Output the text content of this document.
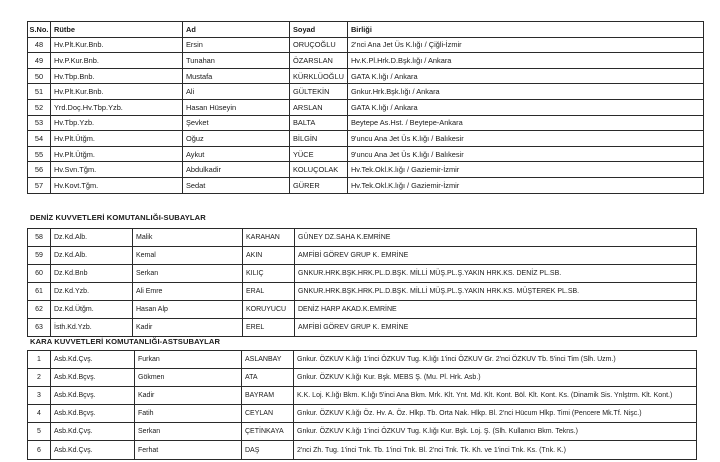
S.No.	Rütbe	Ad	Soyad	Birliği
48	Hv.Plt.Kur.Bnb.	Ersin	ORUÇOĞLU	2'nci Ana Jet Üs K.lığı / Çiğli-İzmir
49	Hv.P.Kur.Bnb.	Tunahan	ÖZARSLAN	Hv.K.Pl.Hrk.D.Bşk.lığı / Ankara
50	Hv.Tbp.Bnb.	Mustafa	KÜRKLÜOĞLU	GATA K.lığı / Ankara
51	Hv.Plt.Kur.Bnb.	Ali	GÜLTEKİN	Gnkur.Hrk.Bşk.lığı / Ankara
52	Yrd.Doç.Hv.Tbp.Yzb.	Hasan Hüseyin	ARSLAN	GATA K.lığı / Ankara
53	Hv.Tbp.Yzb.	Şevket	BALTA	Beytepe As.Hst. / Beytepe-Ankara
54	Hv.Plt.Ütğm.	Oğuz	BİLGİN	9'uncu Ana Jet Üs K.lığı / Balıkesir
55	Hv.Plt.Ütğm.	Aykut	YÜCE	9'uncu Ana Jet Üs K.lığı / Balıkesir
56	Hv.Svn.Tğm.	Abdulkadir	KOLUÇOLAK	Hv.Tek.Okl.K.lığı / Gaziemir-İzmir
57	Hv.Kovt.Tğm.	Sedat	GÜRER	Hv.Tek.Okl.K.lığı / Gaziemir-İzmir
DENİZ KUVVETLERİ KOMUTANLIĞI-SUBAYLAR
58	Dz.Kd.Alb.	Malik	KARAHAN	GÜNEY DZ.SAHA K.EMRİNE
59	Dz.Kd.Alb.	Kemal	AKIN	AMFİBİ GÖREV GRUP K. EMRİNE
60	Dz.Kd.Bnb	Serkan	KILIÇ	GNKUR.HRK.BŞK.HRK.PL.D.BŞK. MİLLİ MÜŞ.PL.Ş.YAKIN HRK.KS. DENİZ PL.SB.
61	Dz.Kd.Yzb.	Ali Emre	ERAL	GNKUR.HRK.BŞK.HRK.PL.D.BŞK. MİLLİ MÜŞ.PL.Ş.YAKIN HRK.KS. MÜŞTEREK PL.SB.
62	Dz.Kd.Ütğm.	Hasan Alp	KORUYUCU	DENİZ HARP AKAD.K.EMRİNE
63	İsth.Kd.Yzb.	Kadir	EREL	AMFİBİ GÖREV GRUP K. EMRİNE
KARA KUVVETLERİ KOMUTANLIĞI-ASTSUBAYLAR
1	Asb.Kd.Çvş.	Furkan	ASLANBAY	Gnkur. ÖZKUV K.lığı 1'inci ÖZKUV Tug. K.lığı 1'inci ÖZKUV Gr. 2'nci ÖZKUV Tb. 5'inci Tim (Slh. Uzm.)
2	Asb.Kd.Bçvş.	Gökmen	ATA	Gnkur. ÖZKUV K.lığı Kur. Bşk. MEBS Ş. (Mu. Pl. Hrk. Asb.)
3	Asb.Kd.Bçvş.	Kadir	BAYRAM	K.K. Loj. K.lığı Bkm. K.lığı 5'inci Ana Bkm. Mrk. Klt. Ynt. Md. Klt. Kont. Böl. Klt. Kont. Ks. (Dinamik Sis. Ynlştrm. Klt. Kont.)
4	Asb.Kd.Bçvş.	Fatih	CEYLAN	Gnkur. ÖZKUV K.lığı Öz. Hv. A. Öz. Hlkp. Tb. Orta Nak. Hlkp. Bl. 2'nci Hücum Hlkp. Timi (Pencere Mk.Tf. Nişc.)
5	Asb.Kd.Çvş.	Serkan	ÇETİNKAYA	Gnkur. ÖZKUV K.lığı 1'inci ÖZKUV Tug. K.lığı Kur. Bşk. Loj. Ş. (Slh. Kullanıcı Bkm. Tekns.)
6	Asb.Kd.Çvş.	Ferhat	DAŞ	2'nci Zh. Tug. 1'inci Tnk. Tb. 1'inci Tnk. Bl. 2'nci Tnk. Tk. Kh. ve 1'inci Tnk. Ks. (Tnk. K.)
